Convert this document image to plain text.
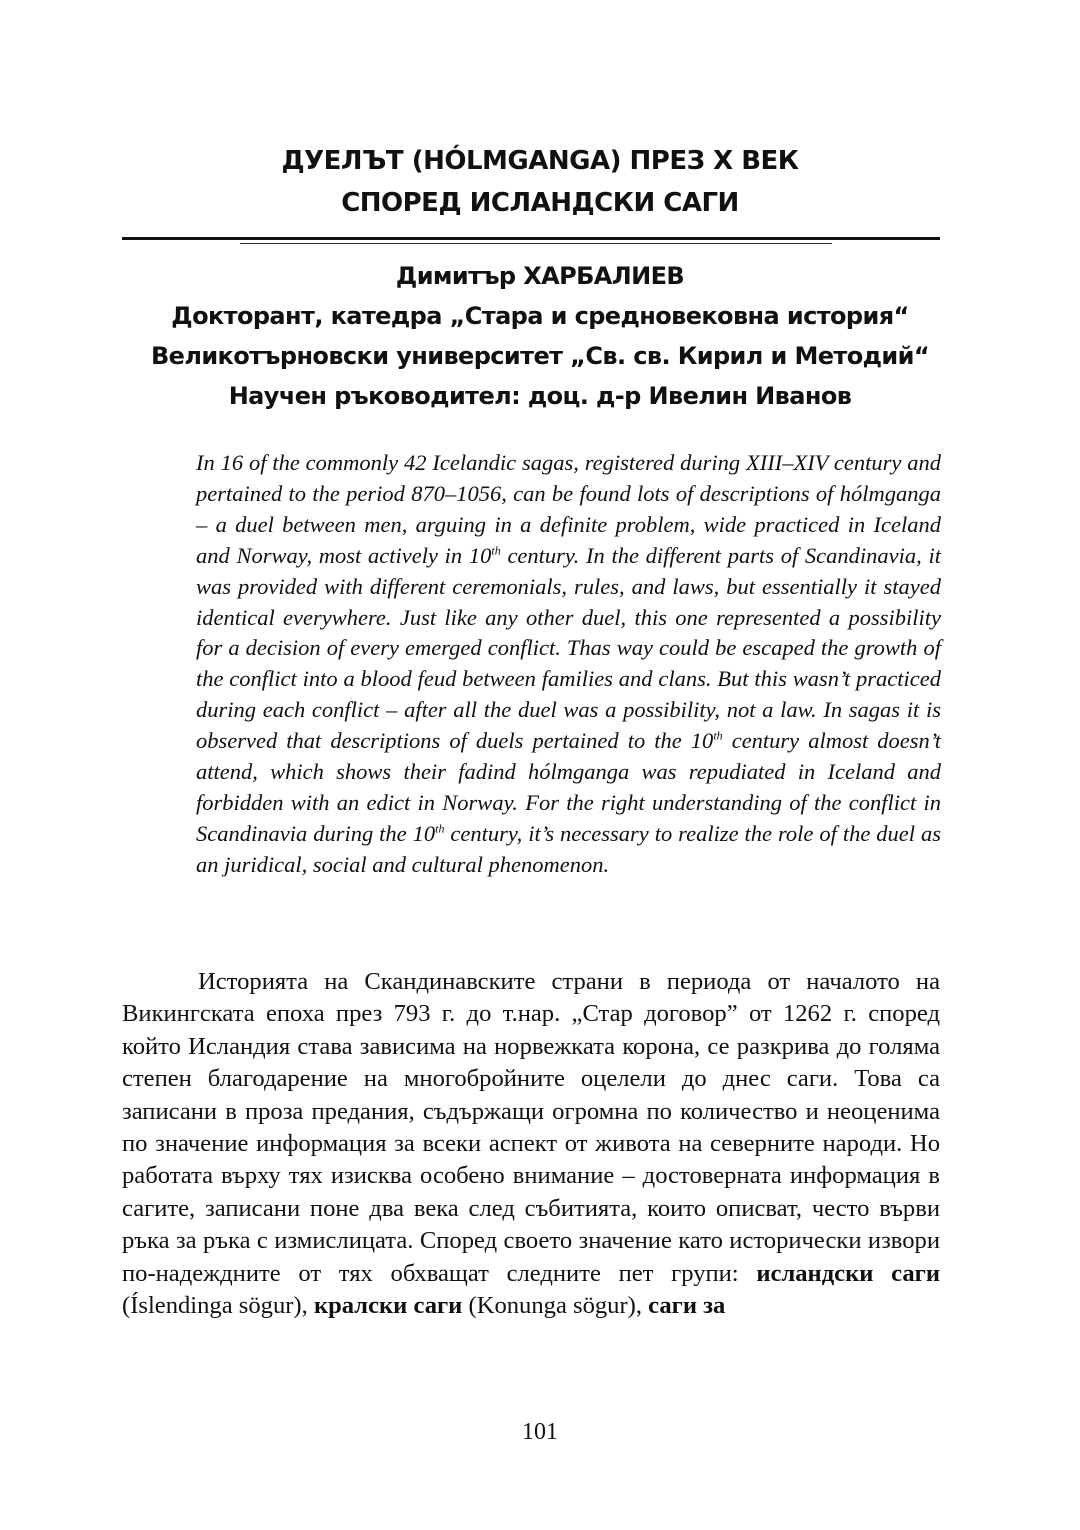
ДУЕЛЪТ (HÓLMGANGA) ПРЕЗ X ВЕК
СПОРЕД ИСЛАНДСКИ САГИ
Димитър ХАРБАЛИЕВ
Докторант, катедра „Стара и средновековна история“
Великотърновски университет „Св. св. Кирил и Методий“
Научен ръководител: доц. д-р Ивелин Иванов

In 16 of the commonly 42 Icelandic sagas, registered during XIII–XIV century and pertained to the period 870–1056, can be found lots of descriptions of hólmganga – a duel between men, arguing in a definite problem, wide practiced in Iceland and Norway, most actively in 10th century. In the different parts of Scandinavia, it was provided with different ceremonials, rules, and laws, but essentially it stayed identical everywhere. Just like any other duel, this one represented a possibility for a decision of every emerged conflict. Thas way could be escaped the growth of the conflict into a blood feud between families and clans. But this wasn’t practiced during each conflict – after all the duel was a possibility, not a law. In sagas it is observed that descriptions of duels pertained to the 10th century almost doesn’t attend, which shows their fadind hólmganga was repudiated in Iceland and forbidden with an edict in Norway. For the right understanding of the conflict in Scandinavia during the 10th century, it’s necessary to realize the role of the duel as an juridical, social and cultural phenomenon.

Историята на Скандинавските страни в периода от началото на Викингската епоха през 793 г. до т.нар. „Стар договор” от 1262 г. според който Исландия става зависима на норвежката корона, се разкрива до голяма степен благодарение на многобройните оцелели до днес саги. Това са записани в проза предания, съдържащи огромна по количество и неоценима по значение информация за всеки аспект от живота на северните народи. Но работата върху тях изисква особено внимание – достоверната информация в сагите, записани поне два века след събитията, които описват, често върви ръка за ръка с измислицата. Според своето значение като исторически извори по-надеждните от тях обхващат следните пет групи: исландски саги (Íslendinga sögur), кралски саги (Konunga sögur), саги за

101
